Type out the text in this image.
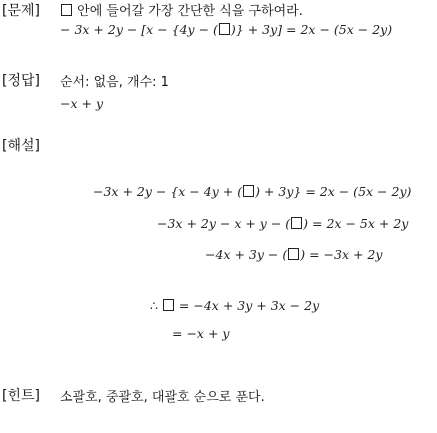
[문제]	안에 들어갈 가장 간단한 식을 구하여라.
− 3x + 2y − [x − {4y − ( )} + 3y] = 2x − (5x − 2y)
[정답] 순서: 없음, 개수: 1
−x + y
[해설]
−3x + 2y − {x − 4y + ( ) + 3y} = 2x − (5x − 2y)
−3x + 2y − x + y − ( ) = 2x − 5x + 2y
−4x + 3y − ( ) = −3x + 2y
∴ = −4x + 3y + 3x − 2y
= −x + y
[힌트] 소괄호, 중괄호, 대괄호 순으로 푼다.
